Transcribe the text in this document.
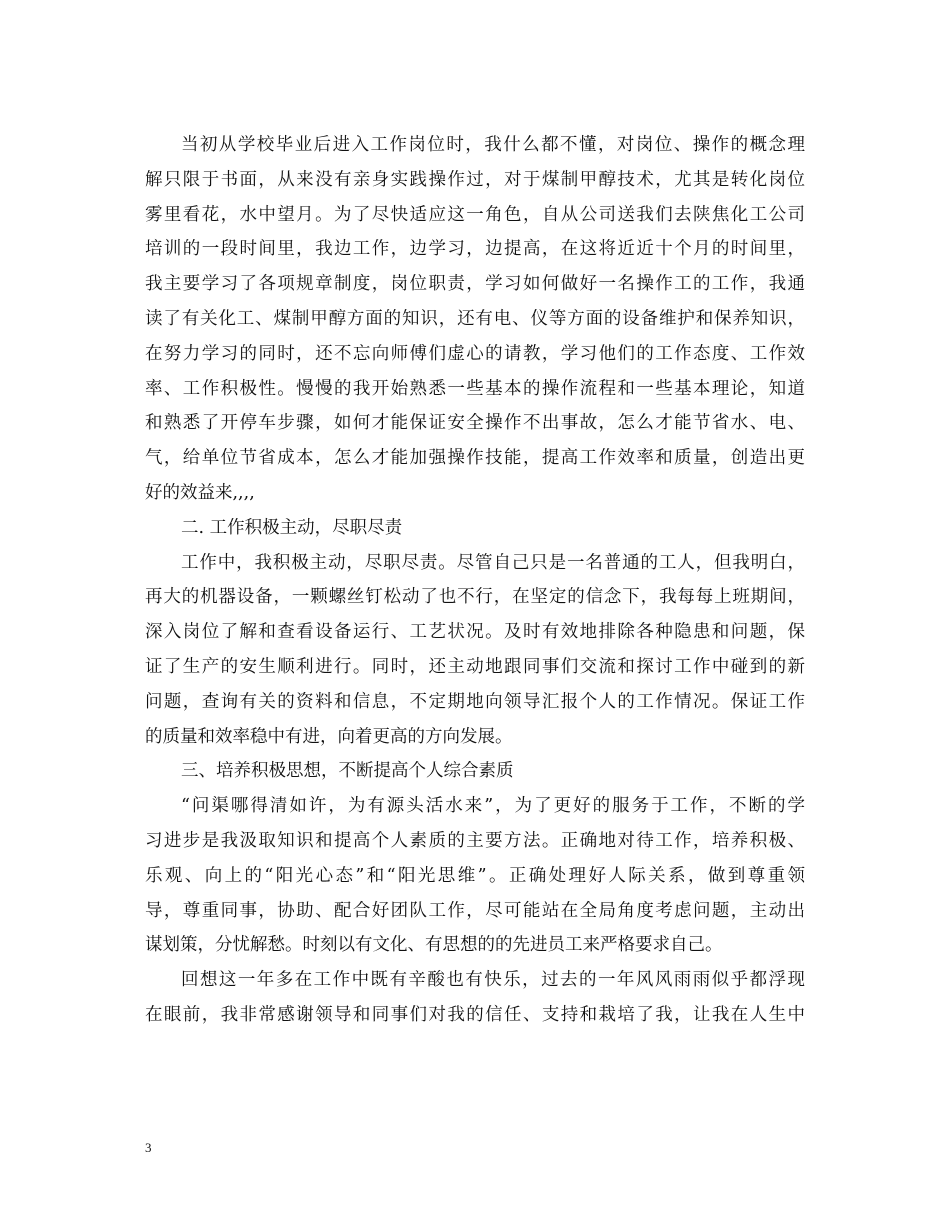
当初从学校毕业后进入工作岗位时，我什么都不懂，对岗位、操作的概念理
解只限于书面，从来没有亲身实践操作过，对于煤制甲醇技术，尤其是转化岗位
雾里看花，水中望月。为了尽快适应这一角色，自从公司送我们去陕焦化工公司
培训的一段时间里，我边工作，边学习，边提高，在这将近近十个月的时间里，
我主要学习了各项规章制度，岗位职责，学习如何做好一名操作工的工作，我通
读了有关化工、煤制甲醇方面的知识，还有电、仪等方面的设备维护和保养知识，
在努力学习的同时，还不忘向师傅们虚心的请教，学习他们的工作态度、工作效
率、工作积极性。慢慢的我开始熟悉一些基本的操作流程和一些基本理论，知道
和熟悉了开停车步骤，如何才能保证安全操作不出事故，怎么才能节省水、电、
气，给单位节省成本，怎么才能加强操作技能，提高工作效率和质量，创造出更
好的效益来,,,,
二. 工作积极主动，尽职尽责
工作中，我积极主动，尽职尽责。尽管自己只是一名普通的工人，但我明白，
再大的机器设备，一颗螺丝钉松动了也不行，在坚定的信念下，我每每上班期间，
深入岗位了解和查看设备运行、工艺状况。及时有效地排除各种隐患和问题，保
证了生产的安生顺利进行。同时，还主动地跟同事们交流和探讨工作中碰到的新
问题，查询有关的资料和信息，不定期地向领导汇报个人的工作情况。保证工作
的质量和效率稳中有进，向着更高的方向发展。
三、培养积极思想，不断提高个人综合素质
“问渠哪得清如许，为有源头活水来”，为了更好的服务于工作，不断的学
习进步是我汲取知识和提高个人素质的主要方法。正确地对待工作，培养积极、
乐观、向上的“阳光心态”和“阳光思维”。正确处理好人际关系，做到尊重领
导，尊重同事，协助、配合好团队工作，尽可能站在全局角度考虑问题，主动出
谋划策，分忧解愁。时刻以有文化、有思想的的先进员工来严格要求自己。
回想这一年多在工作中既有辛酸也有快乐，过去的一年风风雨雨似乎都浮现
在眼前，我非常感谢领导和同事们对我的信任、支持和栽培了我，让我在人生中
3
